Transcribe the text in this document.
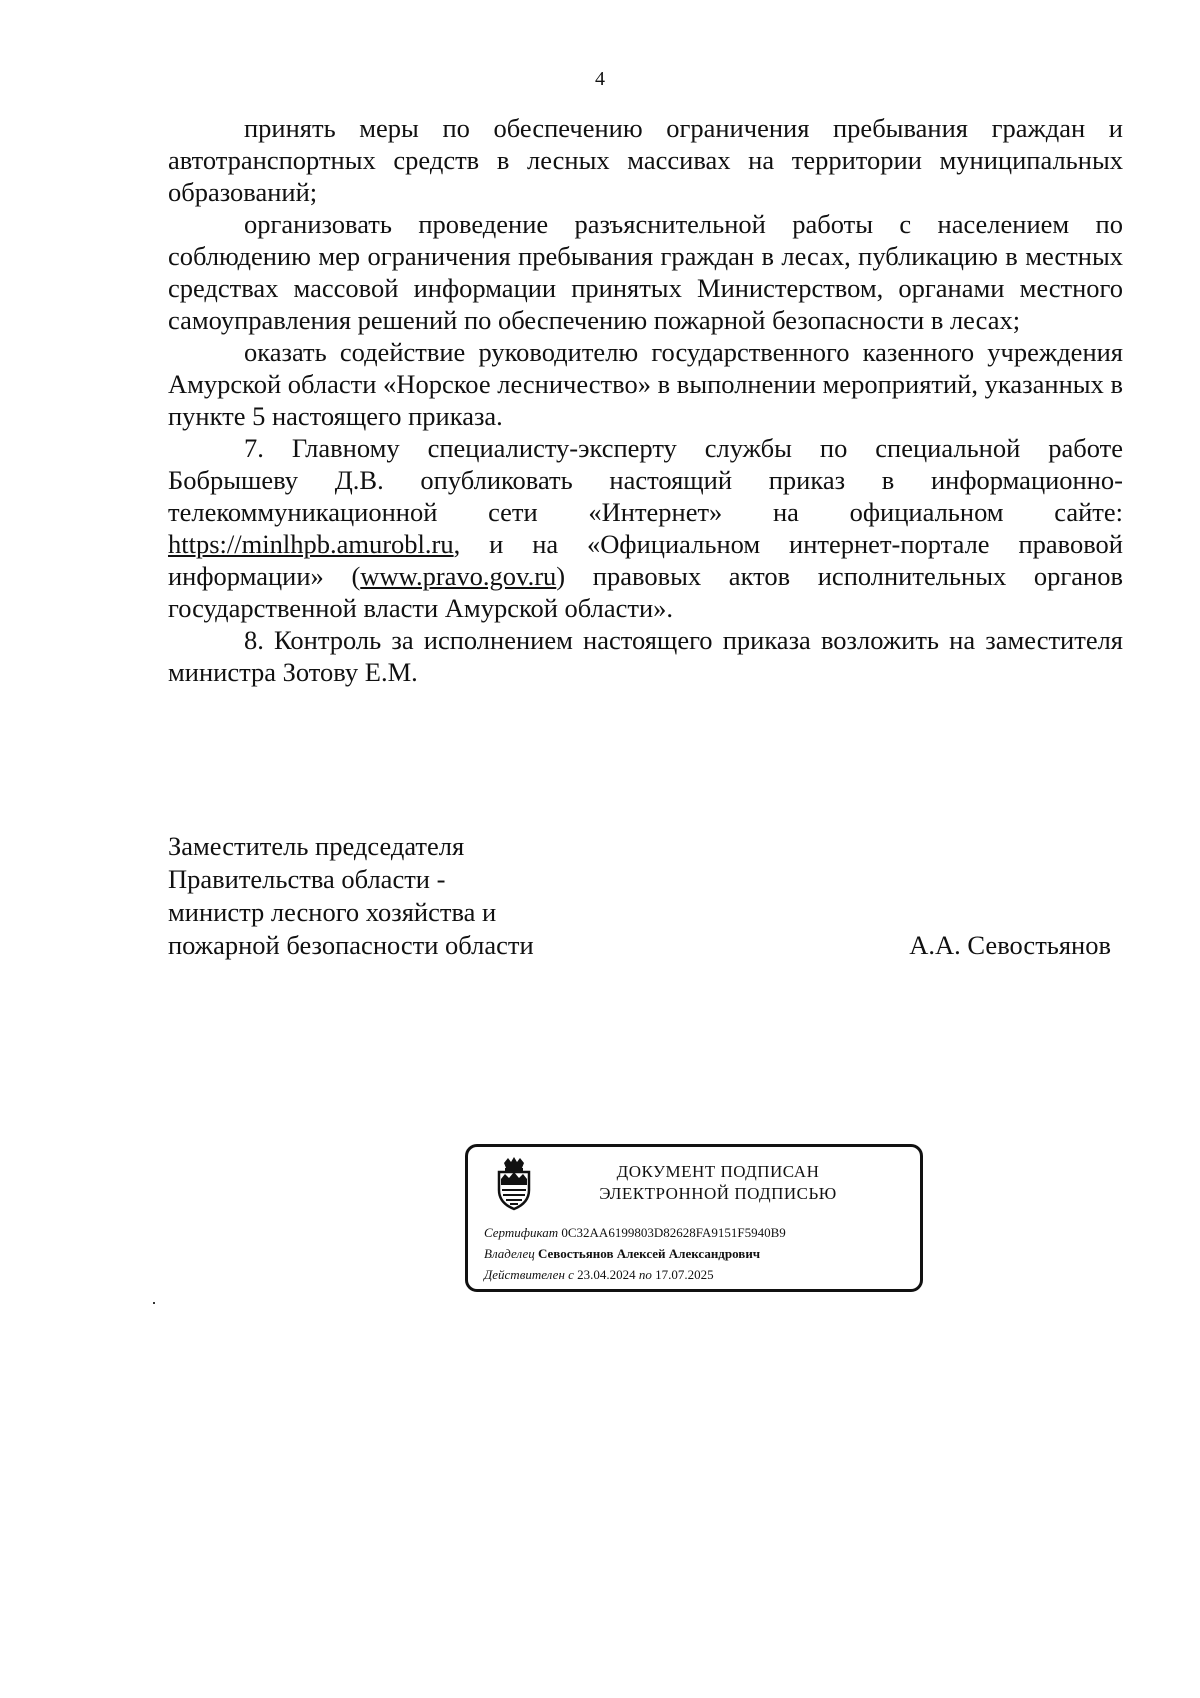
4

принять меры по обеспечению ограничения пребывания граждан и автотранспортных средств в лесных массивах на территории муниципальных образований;

организовать проведение разъяснительной работы с населением по соблюдению мер ограничения пребывания граждан в лесах, публикацию в местных средствах массовой информации принятых Министерством, органами местного самоуправления решений по обеспечению пожарной безопасности в лесах;

оказать содействие руководителю государственного казенного учреждения Амурской области «Норское лесничество» в выполнении мероприятий, указанных в пункте 5 настоящего приказа.

7. Главному специалисту-эксперту службы по специальной работе Бобрышеву Д.В. опубликовать настоящий приказ в информационно-телекоммуникационной сети «Интернет» на официальном сайте: https://minlhpb.amurobl.ru, и на «Официальном интернет-портале правовой информации» (www.pravo.gov.ru) правовых актов исполнительных органов государственной власти Амурской области».

8. Контроль за исполнением настоящего приказа возложить на заместителя министра Зотову Е.М.

Заместитель председателя
Правительства области -
министр лесного хозяйства и
пожарной безопасности области	А.А. Севостьянов
ДОКУМЕНТ ПОДПИСАН
ЭЛЕКТРОННОЙ ПОДПИСЬЮ
Сертификат 0C32AA6199803D82628FA9151F5940B9
Владелец Севостьянов Алексей Александрович
Действителен с 23.04.2024 по 17.07.2025
